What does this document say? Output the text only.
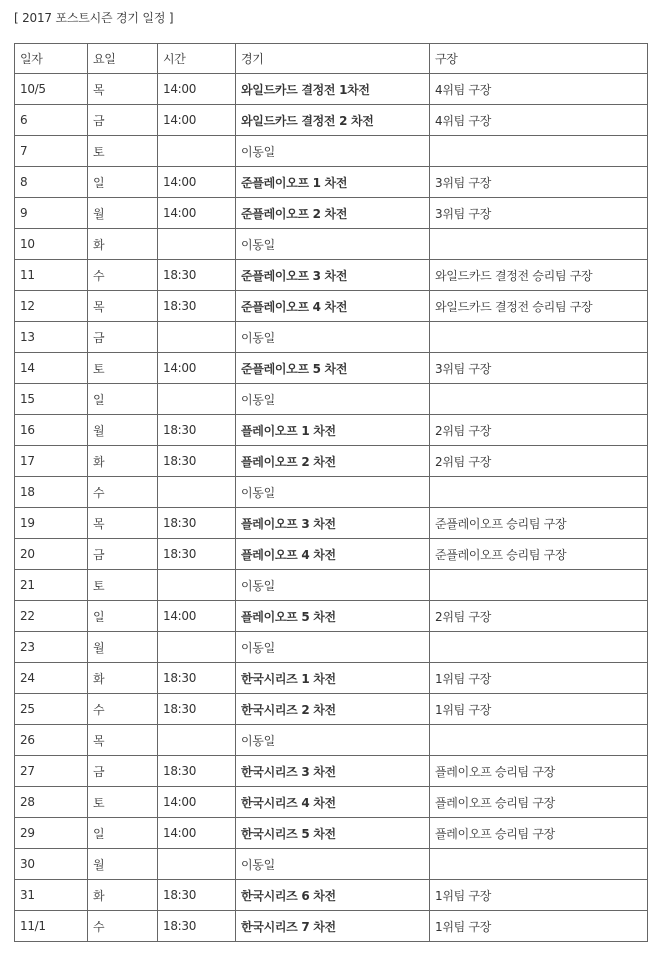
[ 2017 포스트시즌 경기 일정 ]
일자	요일	시간	경기	구장
10/5	목	14:00	와일드카드 결정전 1차전	4위팀 구장
6	금	14:00	와일드카드 결정전 2 차전	4위팀 구장
7	토		이동일	
8	일	14:00	준플레이오프 1 차전	3위팀 구장
9	월	14:00	준플레이오프 2 차전	3위팀 구장
10	화		이동일	
11	수	18:30	준플레이오프 3 차전	와일드카드 결정전 승리팀 구장
12	목	18:30	준플레이오프 4 차전	와일드카드 결정전 승리팀 구장
13	금		이동일	
14	토	14:00	준플레이오프 5 차전	3위팀 구장
15	일		이동일	
16	월	18:30	플레이오프 1 차전	2위팀 구장
17	화	18:30	플레이오프 2 차전	2위팀 구장
18	수		이동일	
19	목	18:30	플레이오프 3 차전	준플레이오프 승리팀 구장
20	금	18:30	플레이오프 4 차전	준플레이오프 승리팀 구장
21	토		이동일	
22	일	14:00	플레이오프 5 차전	2위팀 구장
23	월		이동일	
24	화	18:30	한국시리즈 1 차전	1위팀 구장
25	수	18:30	한국시리즈 2 차전	1위팀 구장
26	목		이동일	
27	금	18:30	한국시리즈 3 차전	플레이오프 승리팀 구장
28	토	14:00	한국시리즈 4 차전	플레이오프 승리팀 구장
29	일	14:00	한국시리즈 5 차전	플레이오프 승리팀 구장
30	월		이동일	
31	화	18:30	한국시리즈 6 차전	1위팀 구장
11/1	수	18:30	한국시리즈 7 차전	1위팀 구장
